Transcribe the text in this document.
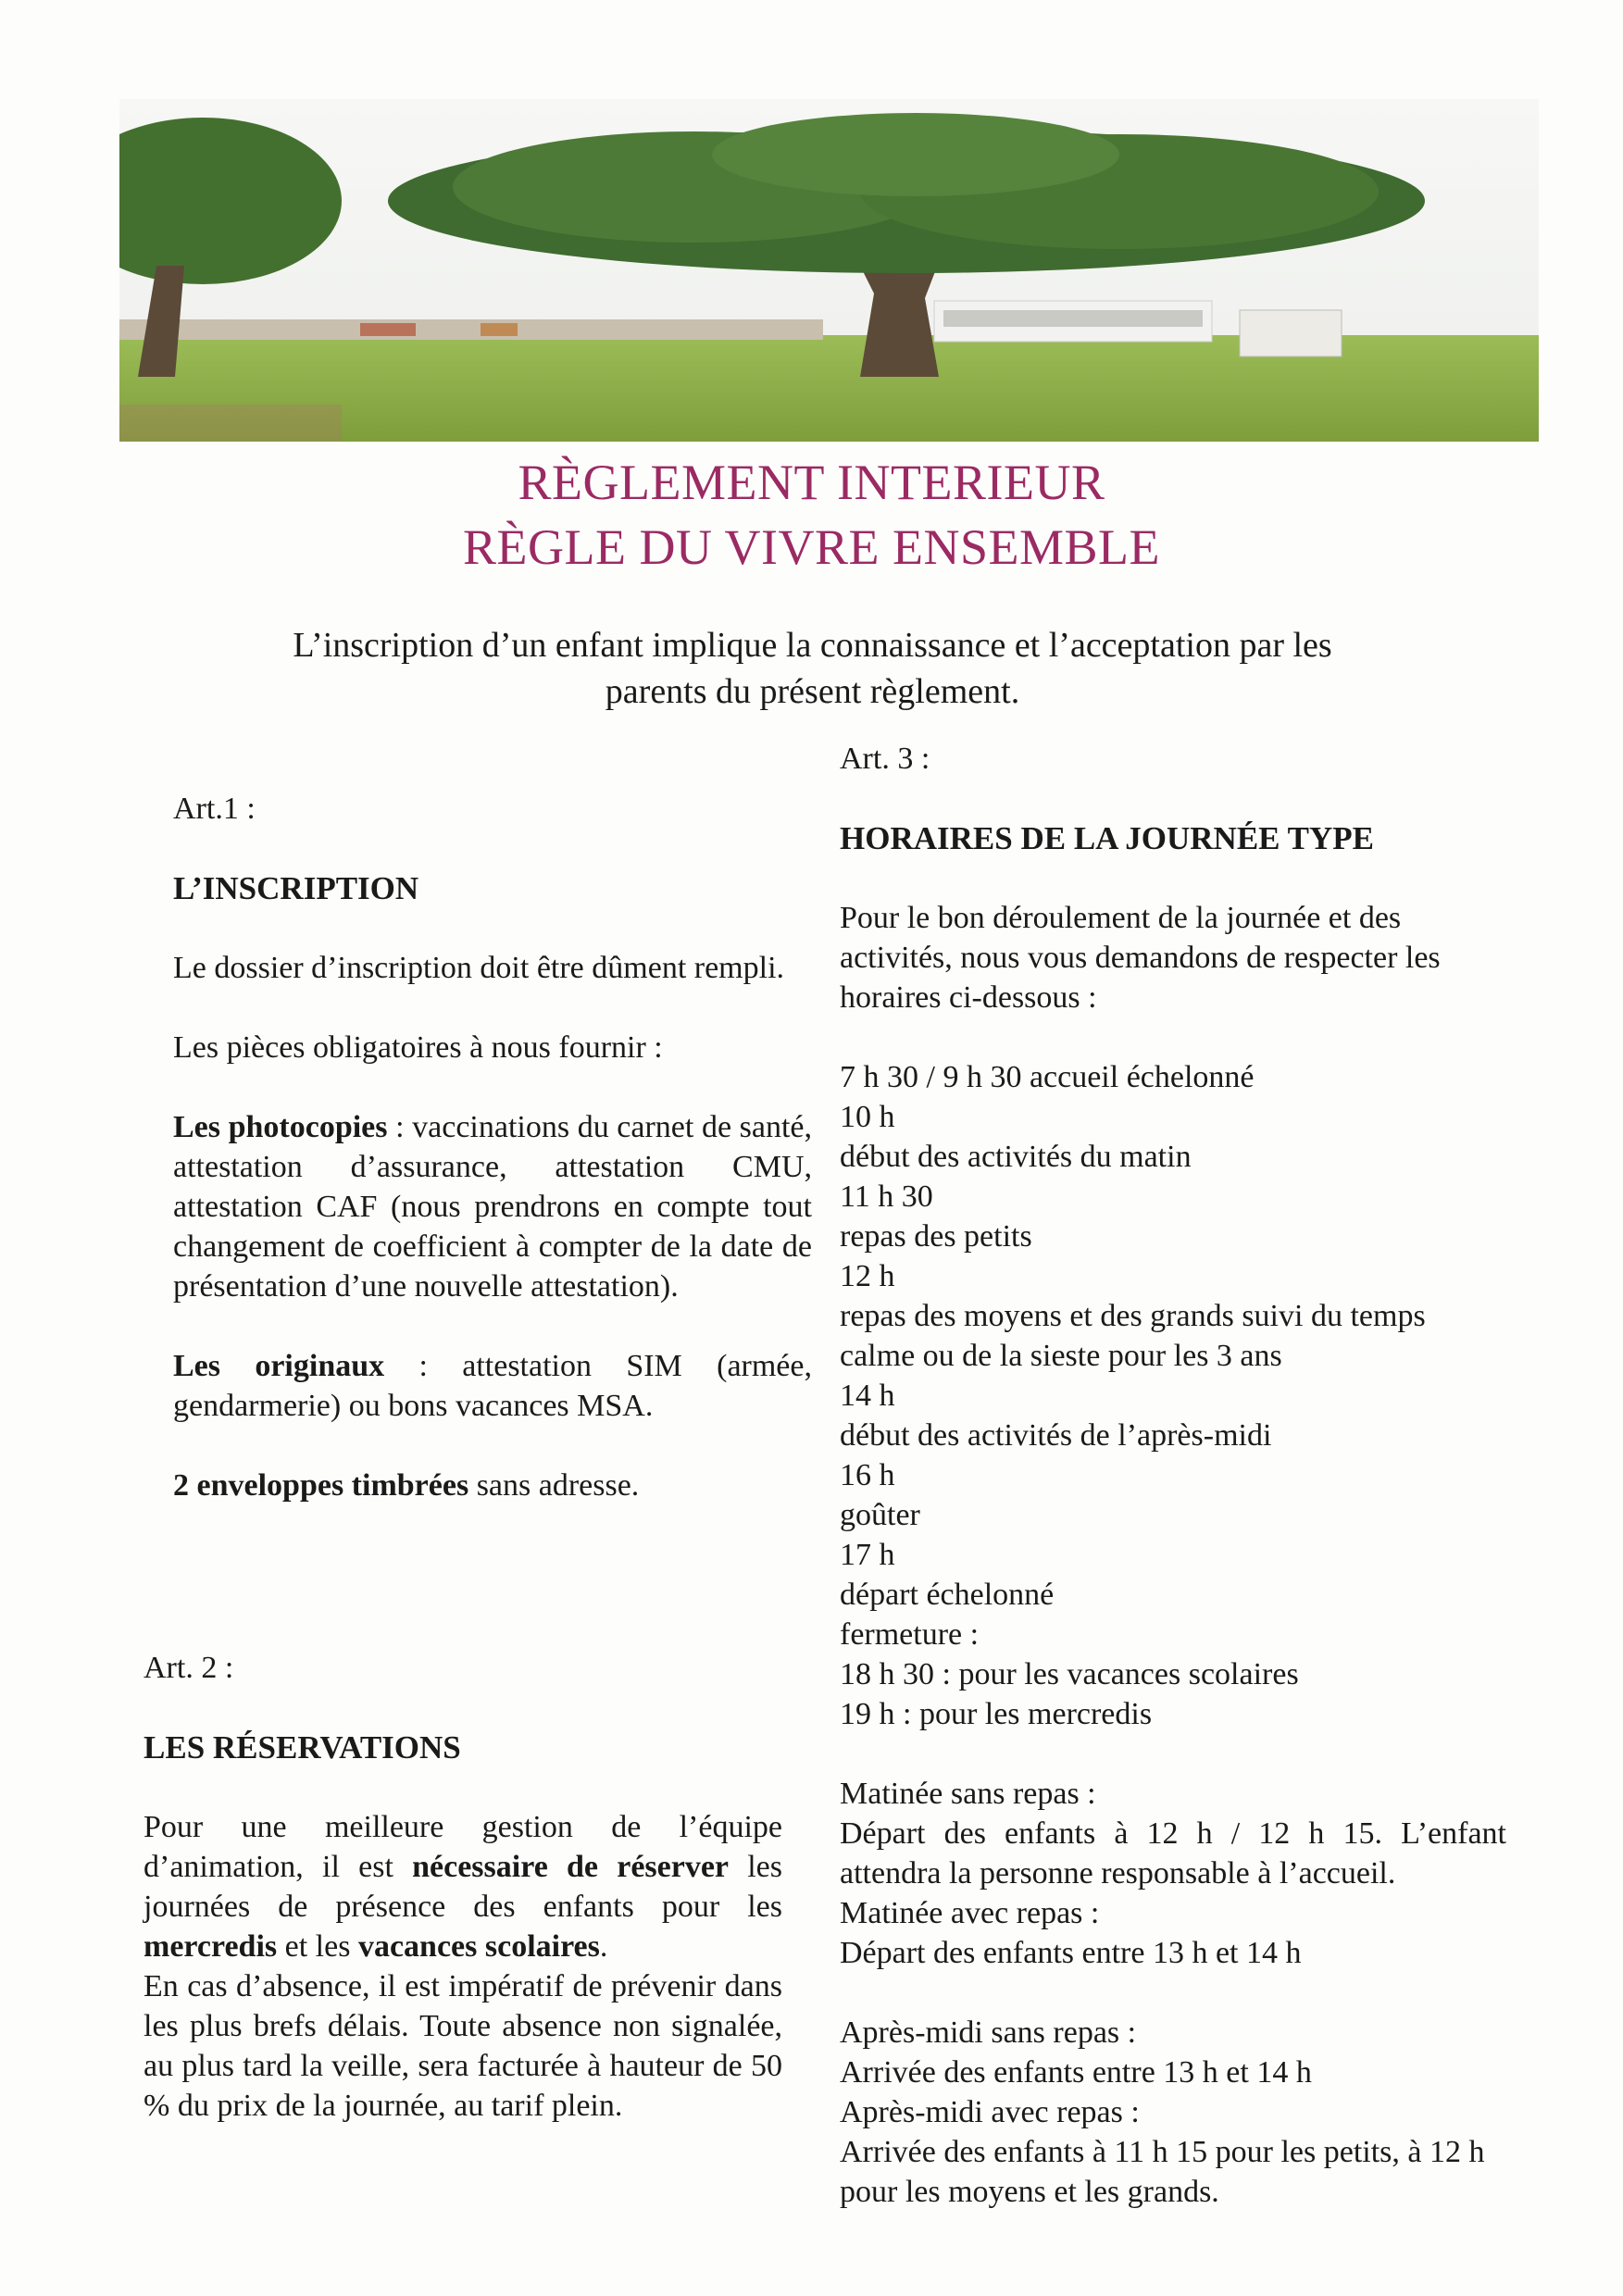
RÈGLEMENT INTERIEUR
RÈGLE DU VIVRE ENSEMBLE
L’inscription d’un enfant implique la connaissance et l’acceptation par les
parents du présent règlement.

Art.1 :

L’INSCRIPTION

Le dossier d’inscription doit être dûment rempli.

Les pièces obligatoires à nous fournir :

Les photocopies : vaccinations du carnet de santé, attestation d’assurance, attestation CMU, attestation CAF (nous prendrons en compte tout changement de coefficient à compter de la date de présentation d’une nouvelle attestation).

Les originaux : attestation SIM (armée, gendarmerie) ou bons vacances MSA.

2 enveloppes timbrées sans adresse.

Art. 2 :

LES RÉSERVATIONS

Pour une meilleure gestion de l’équipe d’animation, il est nécessaire de réserver les journées de présence des enfants pour les mercredis et les vacances scolaires.

En cas d’absence, il est impératif de prévenir dans les plus brefs délais. Toute absence non signalée, au plus tard la veille, sera facturée à hauteur de 50 % du prix de la journée, au tarif plein.

Art. 3 :

HORAIRES DE LA JOURNÉE TYPE

Pour le bon déroulement de la journée et des activités, nous vous demandons de respecter les horaires ci-dessous :

7 h 30 / 9 h 30 accueil échelonné
10 h
début des activités du matin
11 h 30
repas des petits
12 h
repas des moyens et des grands suivi du temps
calme ou de la sieste pour les 3 ans
14 h
début des activités de l’après-midi
16 h
goûter
17 h
départ échelonné
fermeture :
18 h 30 : pour les vacances scolaires
19 h : pour les mercredis

Matinée sans repas :

Départ des enfants à 12 h / 12 h 15. L’enfant attendra la personne responsable à l’accueil.

Matinée avec repas :

Départ des enfants entre 13 h et 14 h

Après-midi sans repas :

Arrivée des enfants entre 13 h et 14 h

Après-midi avec repas :

Arrivée des enfants à 11 h 15 pour les petits, à 12 h pour les moyens et les grands.
